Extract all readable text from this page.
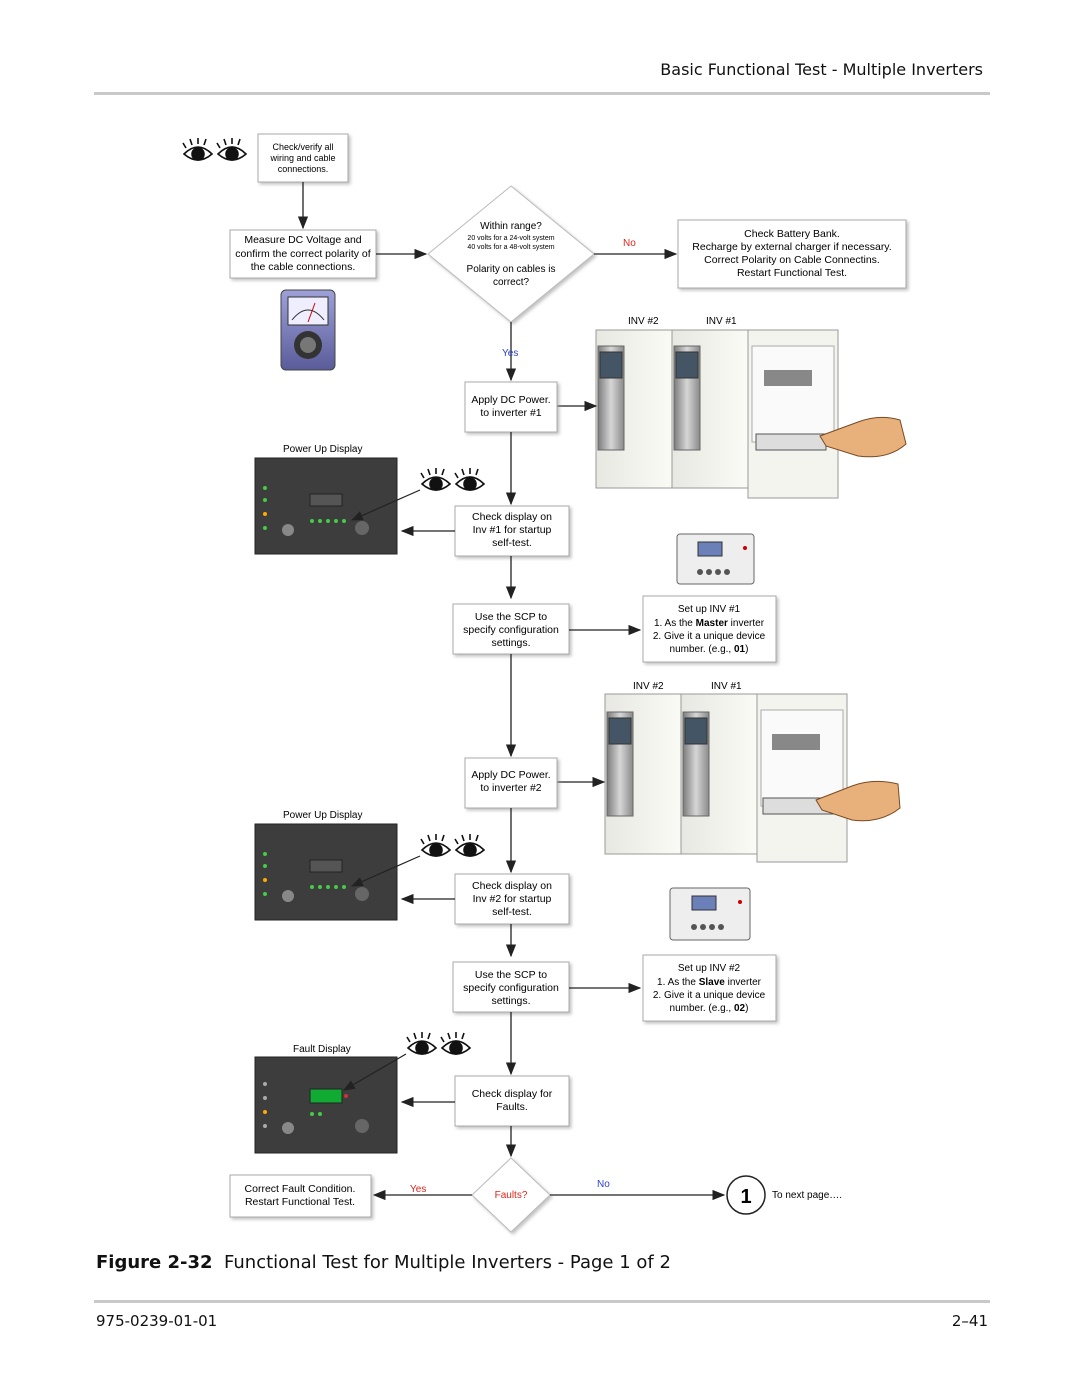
Basic Functional Test - Multiple Inverters
Check/verify all
wiring and cable
connections.
Measure DC Voltage and
confirm the correct polarity of
the cable connections.
Within range?
20 volts for a 24-volt system
40 volts for a 48-volt system
Polarity on cables is
correct?
No
Check Battery Bank.
Recharge by external charger if necessary.
Correct Polarity on Cable Connectins.
Restart Functional Test.
Yes
INV #2	INV #1
Apply DC Power.
to inverter #1
Power Up Display
Check display on
Inv #1 for startup
self-test.
Use the SCP to
specify configuration
settings.
Set up INV #1
1. As the Master inverter
2. Give it a unique device
number. (e.g., 01)
INV #2	INV #1
Apply DC Power.
to inverter #2
Power Up Display
Check display on
Inv #2 for startup
self-test.
Use the SCP to
specify configuration
settings.
Set up INV #2
1. As the Slave inverter
2. Give it a unique device
number. (e.g., 02)
Fault Display
Check display for
Faults.
Faults?
Yes	No
Correct Fault Condition.
Restart Functional Test.	1 To next page….
Figure 2-32 Functional Test for Multiple Inverters - Page 1 of 2
975-0239-01-01	2–41
